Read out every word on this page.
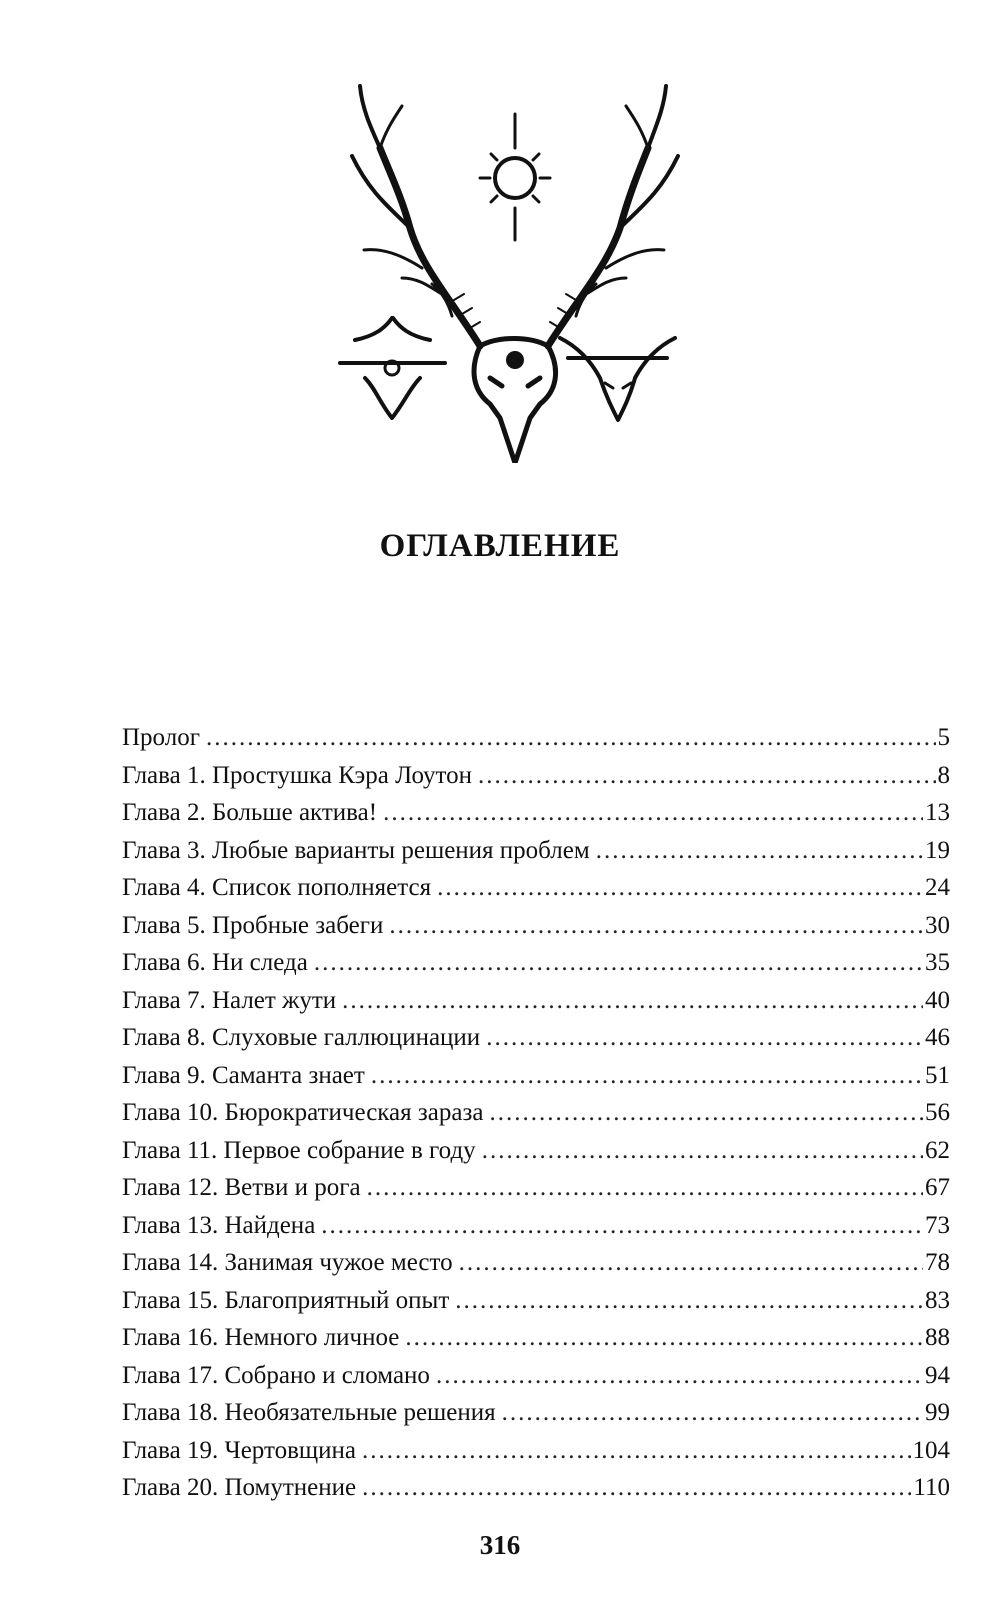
ОГЛАВЛЕНИЕ
Пролог .....	5
Глава 1. Простушка Кэра Лоутон .....	8
Глава 2. Больше актива! .....	13
Глава 3. Любые варианты решения проблем .....	19
Глава 4. Список пополняется .....	24
Глава 5. Пробные забеги .....	30
Глава 6. Ни следа .....	35
Глава 7. Налет жути .....	40
Глава 8. Слуховые галлюцинации .....	46
Глава 9. Саманта знает .....	51
Глава 10. Бюрократическая зараза .....	56
Глава 11. Первое собрание в году .....	62
Глава 12. Ветви и рога .....	67
Глава 13. Найдена .....	73
Глава 14. Занимая чужое место .....	78
Глава 15. Благоприятный опыт .....	83
Глава 16. Немного личное .....	88
Глава 17. Собрано и сломано .....	94
Глава 18. Необязательные решения .....	99
Глава 19. Чертовщина .....	104
Глава 20. Помутнение .....	110
316
